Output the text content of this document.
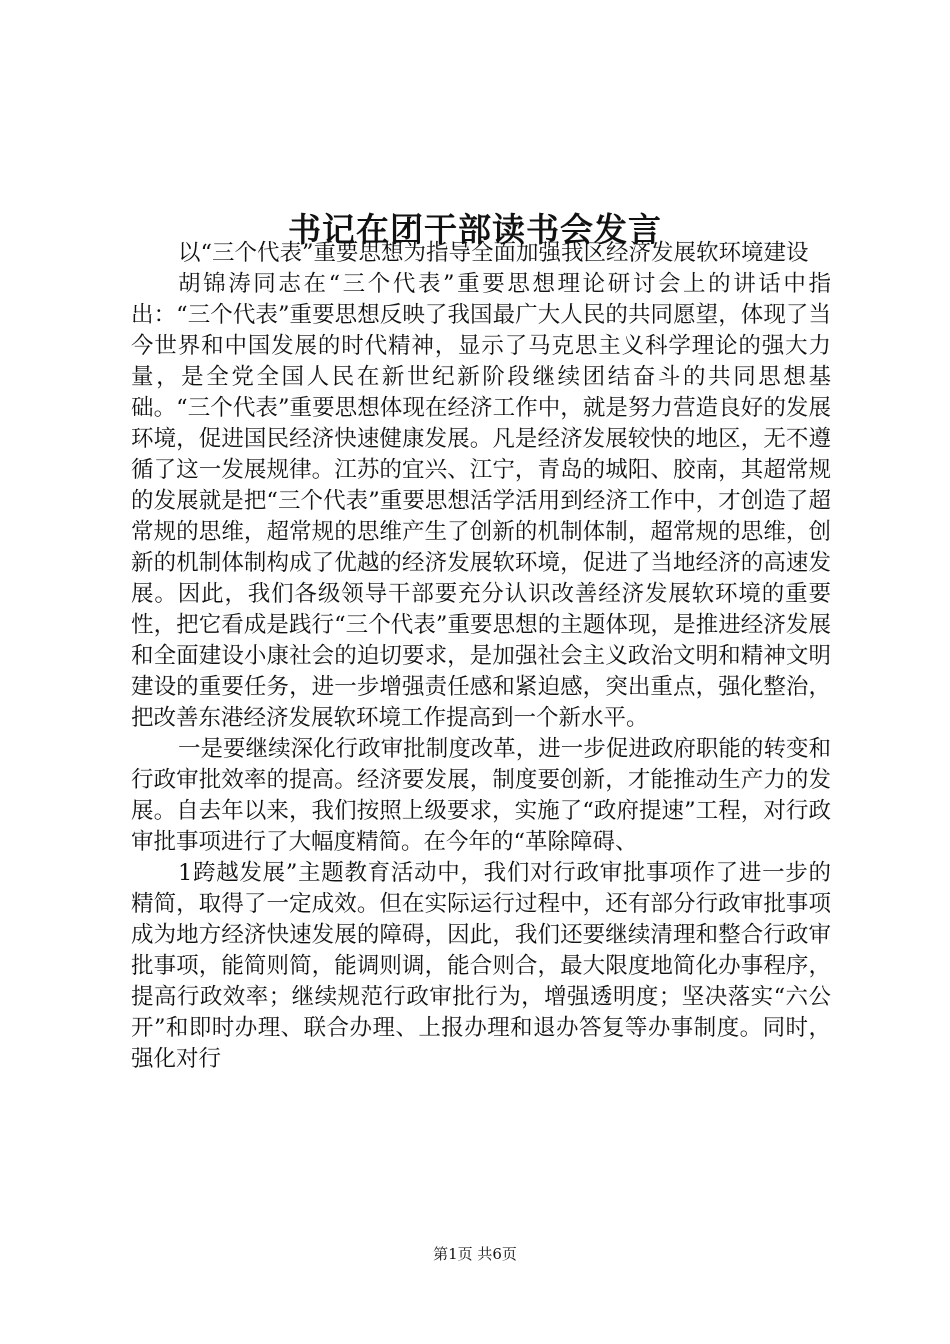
书记在团干部读书会发言

以“三个代表”重要思想为指导全面加强我区经济发展软环境建设

胡锦涛同志在“三个代表”重要思想理论研讨会上的讲话中指出：“三个代表”重要思想反映了我国最广大人民的共同愿望，体现了当今世界和中国发展的时代精神，显示了马克思主义科学理论的强大力量，是全党全国人民在新世纪新阶段继续团结奋斗的共同思想基础。“三个代表”重要思想体现在经济工作中，就是努力营造良好的发展环境，促进国民经济快速健康发展。凡是经济发展较快的地区，无不遵循了这一发展规律。江苏的宜兴、江宁，青岛的城阳、胶南，其超常规的发展就是把“三个代表”重要思想活学活用到经济工作中，才创造了超常规的思维，超常规的思维产生了创新的机制体制，超常规的思维，创新的机制体制构成了优越的经济发展软环境，促进了当地经济的高速发展。因此，我们各级领导干部要充分认识改善经济发展软环境的重要性，把它看成是践行“三个代表”重要思想的主题体现，是推进经济发展和全面建设小康社会的迫切要求，是加强社会主义政治文明和精神文明建设的重要任务，进一步增强责任感和紧迫感，突出重点，强化整治，把改善东港经济发展软环境工作提高到一个新水平。

一是要继续深化行政审批制度改革，进一步促进政府职能的转变和行政审批效率的提高。经济要发展，制度要创新，才能推动生产力的发展。自去年以来，我们按照上级要求，实施了“政府提速”工程，对行政审批事项进行了大幅度精简。在今年的“革除障碍、

1跨越发展”主题教育活动中，我们对行政审批事项作了进一步的精简，取得了一定成效。但在实际运行过程中，还有部分行政审批事项成为地方经济快速发展的障碍，因此，我们还要继续清理和整合行政审批事项，能简则简，能调则调，能合则合，最大限度地简化办事程序，提高行政效率；继续规范行政审批行为，增强透明度；坚决落实“六公开”和即时办理、联合办理、上报办理和退办答复等办事制度。同时，强化对行

第1页 共6页
